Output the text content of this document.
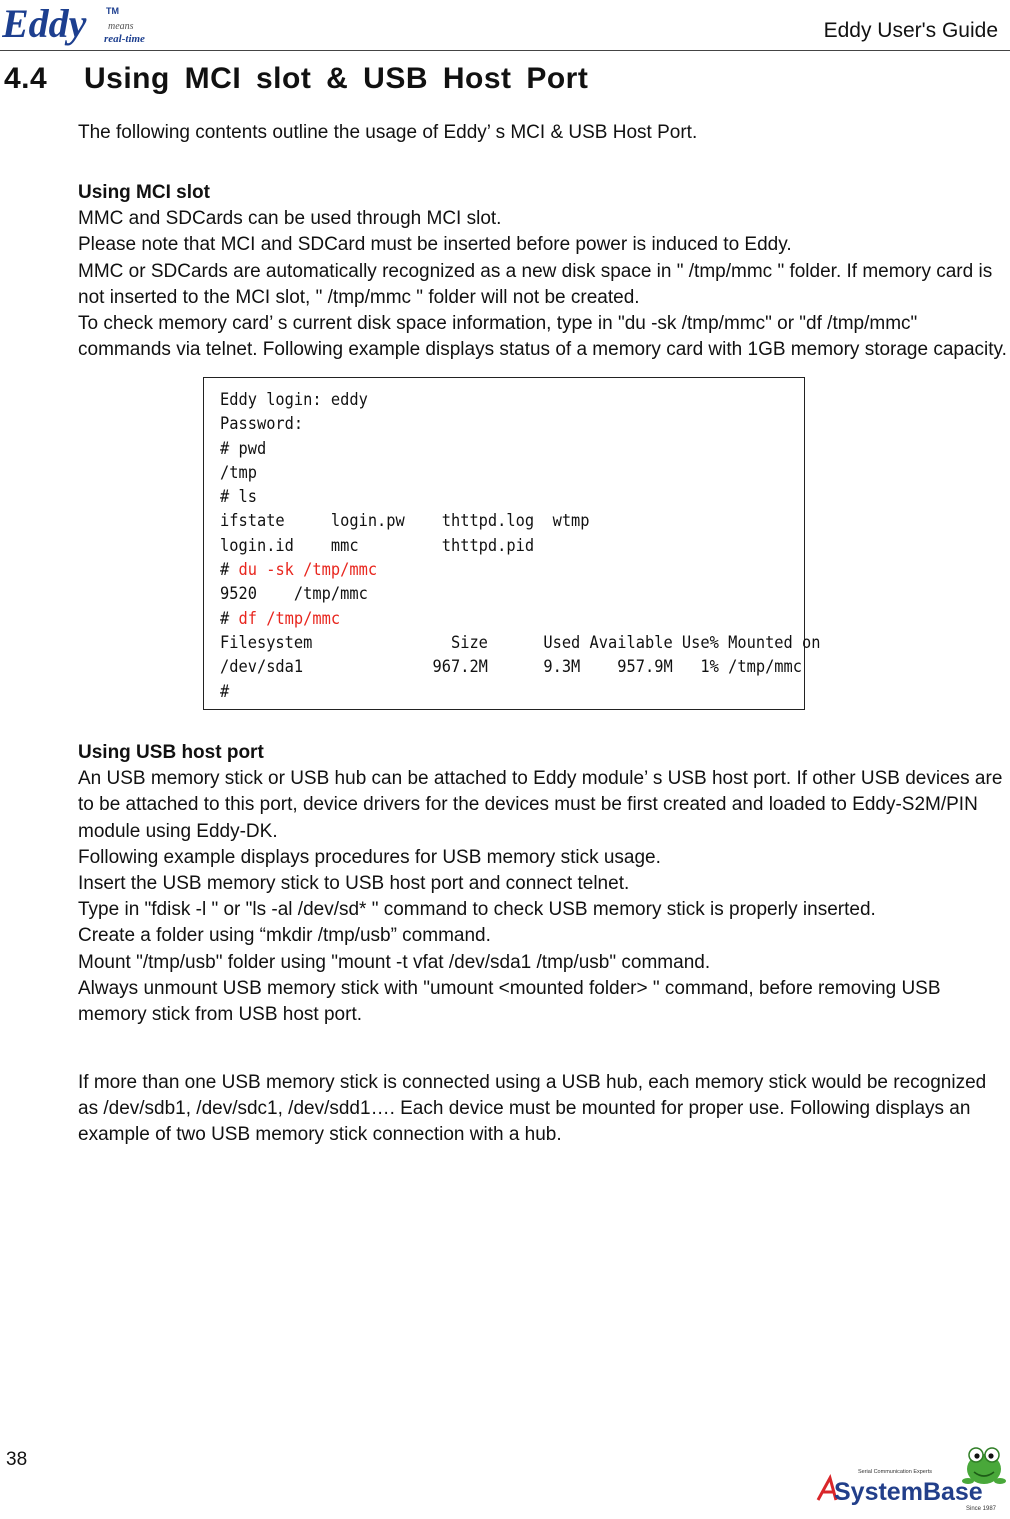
Eddy TM
means
real-time	Eddy User's Guide
4.4 Using MCI slot & USB Host Port

The following contents outline the usage of Eddy’ s MCI & USB Host Port.

Using MCI slot

MMC and SDCards can be used through MCI slot.

Please note that MCI and SDCard must be inserted before power is induced to Eddy.

MMC or SDCards are automatically recognized as a new disk space in " /tmp/mmc " folder. If memory card is not inserted to the MCI slot, " /tmp/mmc " folder will not be created.

To check memory card’ s current disk space information, type in "du -sk /tmp/mmc" or "df /tmp/mmc" commands via telnet. Following example displays status of a memory card with 1GB memory storage capacity.

Eddy login: eddy
Password:
# pwd
/tmp
# ls
ifstate     login.pw    thttpd.log  wtmp
login.id    mmc         thttpd.pid
# du -sk /tmp/mmc
9520    /tmp/mmc
# df /tmp/mmc
Filesystem               Size      Used Available Use% Mounted on
/dev/sda1              967.2M      9.3M    957.9M   1% /tmp/mmc
#

Using USB host port

An USB memory stick or USB hub can be attached to Eddy module’ s USB host port. If other USB devices are to be attached to this port, device drivers for the devices must be first created and loaded to Eddy-S2M/PIN module using Eddy-DK.

Following example displays procedures for USB memory stick usage.

Insert the USB memory stick to USB host port and connect telnet.

Type in "fdisk -l " or "ls -al /dev/sd* " command to check USB memory stick is properly inserted.

Create a folder using “mkdir /tmp/usb” command.

Mount "/tmp/usb" folder using "mount -t vfat /dev/sda1 /tmp/usb" command.

Always unmount USB memory stick with "umount <mounted folder> " command, before removing USB memory stick from USB host port.

If more than one USB memory stick is connected using a USB hub, each memory stick would be recognized as /dev/sdb1, /dev/sdc1, /dev/sdd1…. Each device must be mounted for proper use. Following displays an example of two USB memory stick connection with a hub.

38
Serial Communication Experts
SystemBase
Since 1987
